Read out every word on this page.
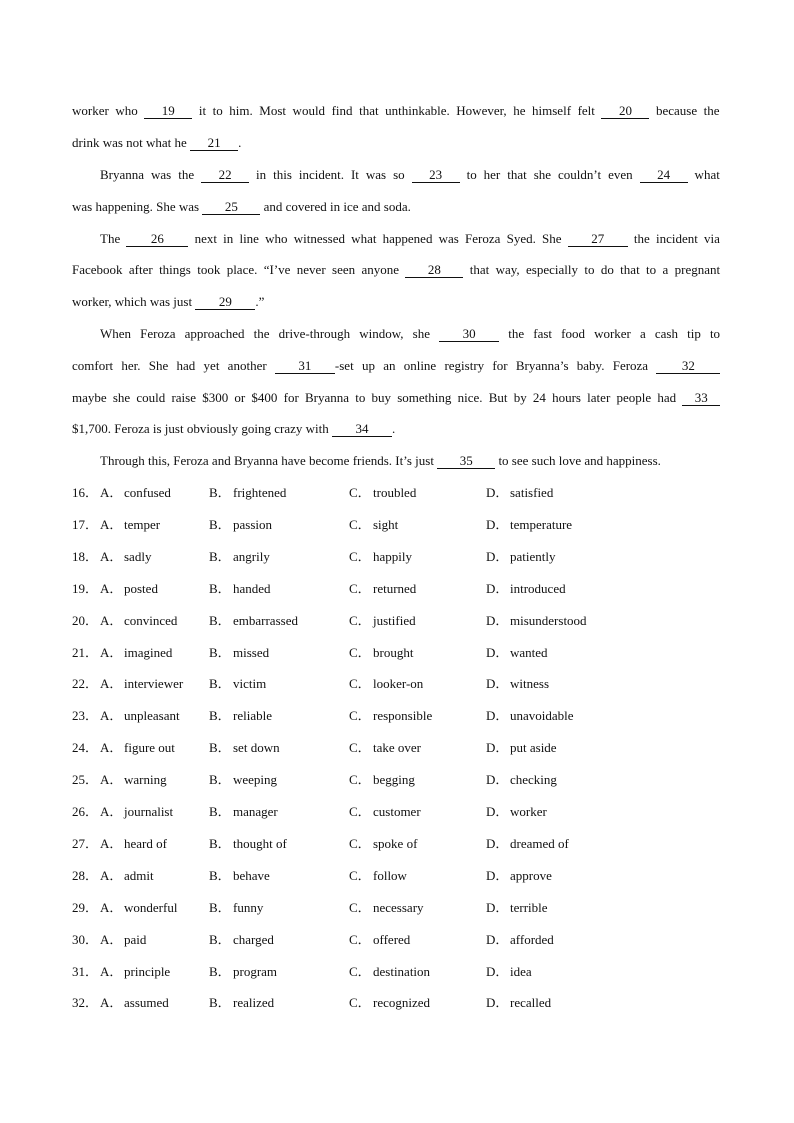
worker who 19 it to him. Most would find that unthinkable. However, he himself felt 20 because the
drink was not what he 21 .
Bryanna was the 22 in this incident. It was so 23 to her that she couldn’t even 24 what
was happening. She was 25 and covered in ice and soda.
The 26 next in line who witnessed what happened was Feroza Syed. She 27 the incident via
Facebook after things took place. “I’ve never seen anyone 28 that way, especially to do that to a pregnant
worker, which was just 29 .”
When Feroza approached the drive-through window, she 30 the fast food worker a cash tip to
comfort her. She had yet another 31 -set up an online registry for Bryanna’s baby. Feroza 32
maybe she could raise $300 or $400 for Bryanna to buy something nice. But by 24 hours later people had 33
$1,700. Feroza is just obviously going crazy with 34 .
Through this, Feroza and Bryanna have become friends. It’s just 35 to see such love and happiness.
16． A． confused	B． frightened	C． troubled	D． satisfied
17． A． temper	B． passion	C． sight	D． temperature
18． A． sadly	B． angrily	C． happily	D． patiently
19． A． posted	B． handed	C． returned	D． introduced
20． A． convinced B． embarrassed	C． justified	D． misunderstood
21． A． imagined	B． missed	C． brought	D． wanted
22． A． interviewer B． victim	C． looker-on	D． witness
23． A． unpleasant B． reliable	C． responsible	D． unavoidable
24． A． figure out	B． set down	C． take over	D． put aside
25． A． warning	B． weeping	C． begging	D． checking
26． A． journalist	B． manager	C． customer	D． worker
27． A． heard of	B． thought of	C． spoke of	D． dreamed of
28． A． admit	B． behave	C． follow	D． approve
29． A． wonderful B． funny	C． necessary	D． terrible
30． A． paid	B． charged	C． offered	D． afforded
31． A． principle	B． program	C． destination	D． idea
32． A． assumed	B． realized	C． recognized	D． recalled
